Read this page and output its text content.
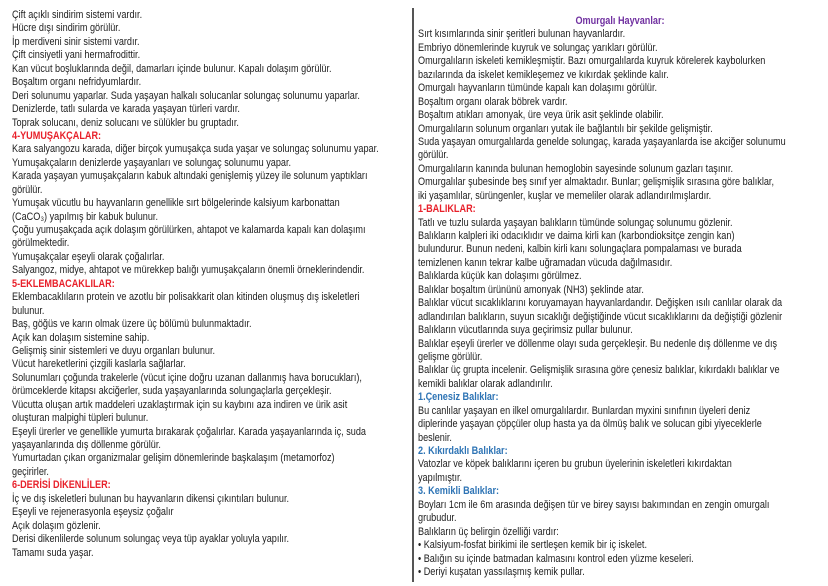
Çift açıklı sindirim sistemi vardır.
Hücre dışı sindirim görülür.
İp merdiveni sinir sistemi vardır.
Çift cinsiyetli yani hermafrodittir.
Kan vücut boşluklarında değil, damarları içinde bulunur. Kapalı dolaşım görülür.
Boşaltım organı nefridyumlardır.
Deri solunumu yaparlar. Suda yaşayan halkalı solucanlar solungaç solunumu yaparlar.
Denizlerde, tatlı sularda ve karada yaşayan türleri vardır.
Toprak solucanı, deniz solucanı ve sülükler bu gruptadır.
4-YUMUŞAKÇALAR:
Kara salyangozu karada, diğer birçok yumuşakça suda yaşar ve solungaç solunumu yapar.
Yumuşakçaların denizlerde yaşayanları ve solungaç solunumu yapar.
Karada yaşayan yumuşakçaların kabuk altındaki genişlemiş yüzey ile solunum yaptıkları
görülür.
Yumuşak vücutlu bu hayvanların genellikle sırt bölgelerinde kalsiyum karbonattan
(CaCO₃) yapılmış bir kabuk bulunur.
Çoğu yumuşakçada açık dolaşım görülürken, ahtapot ve kalamarda kapalı kan dolaşımı
görülmektedir.
Yumuşakçalar eşeyli olarak çoğalırlar.
Salyangoz, midye, ahtapot ve mürekkep balığı yumuşakçaların önemli örneklerindendir.
5-EKLEMBACAKLILAR:
Eklembacaklıların protein ve azotlu bir polisakkarit olan kitinden oluşmuş dış iskeletleri
bulunur.
Baş, göğüs ve karın olmak üzere üç bölümü bulunmaktadır.
Açık kan dolaşım sistemine sahip.
Gelişmiş sinir sistemleri ve duyu organları bulunur.
Vücut hareketlerini çizgili kaslarla sağlarlar.
Solunumları çoğunda trakelerle (vücut içine doğru uzanan dallanmış hava borucukları),
örümceklerde kitapsı akciğerler, suda yaşayanlarında solungaçlarla gerçekleşir.
Vücutta oluşan artık maddeleri uzaklaştırmak için su kaybını aza indiren ve ürik asit
oluşturan malpighi tüpleri bulunur.
Eşeyli ürerler ve genellikle yumurta bırakarak çoğalırlar. Karada yaşayanlarında iç, suda
yaşayanlarında dış döllenme görülür.
Yumurtadan çıkan organizmalar gelişim dönemlerinde başkalaşım (metamorfoz)
geçirirler.
6-DERİSİ DİKENLİLER:
İç ve dış iskeletleri bulunan bu hayvanların dikensi çıkıntıları bulunur.
Eşeyli ve rejenerasyonla eşeysiz çoğalır
Açık dolaşım gözlenir.
Derisi dikenlilerde solunum solungaç veya tüp ayaklar yoluyla yapılır.
Tamamı suda yaşar.
Omurgalı Hayvanlar:
Sırt kısımlarında sinir şeritleri bulunan hayvanlardır.
Embriyo dönemlerinde kuyruk ve solungaç yarıkları görülür.
Omurgalıların iskeleti kemikleşmiştir. Bazı omurgalılarda kuyruk körelerek kaybolurken
bazılarında da iskelet kemikleşemez ve kıkırdak şeklinde kalır.
Omurgalı hayvanların tümünde kapalı kan dolaşımı görülür.
Boşaltım organı olarak böbrek vardır.
Boşaltım atıkları amonyak, üre veya ürik asit şeklinde olabilir.
Omurgalıların solunum organları yutak ile bağlantılı bir şekilde gelişmiştir.
Suda yaşayan omurgalılarda genelde solungaç, karada yaşayanlarda ise akciğer solunumu
görülür.
Omurgalıların kanında bulunan hemoglobin sayesinde solunum gazları taşınır.
Omurgalılar şubesinde beş sınıf yer almaktadır. Bunlar; gelişmişlik sırasına göre balıklar,
iki yaşamlılar, sürüngenler, kuşlar ve memeliler olarak adlandırılmışlardır.
1-BALIKLAR:
Tatlı ve tuzlu sularda yaşayan balıkların tümünde solungaç solunumu gözlenir.
Balıkların kalpleri iki odacıklıdır ve daima kirli kan (karbondioksitçe zengin kan)
bulundurur. Bunun nedeni, kalbin kirli kanı solungaçlara pompalaması ve burada
temizlenen kanın tekrar kalbe uğramadan vücuda dağılmasıdır.
Balıklarda küçük kan dolaşımı görülmez.
Balıklar boşaltım ürününü amonyak (NH3) şeklinde atar.
Balıklar vücut sıcaklıklarını koruyamayan hayvanlardandır. Değişken ısılı canlılar olarak da
adlandırılan balıkların, suyun sıcaklığı değiştiğinde vücut sıcaklıklarını da değiştiği gözlenir
Balıkların vücutlarında suya geçirimsiz pullar bulunur.
Balıklar eşeyli ürerler ve döllenme olayı suda gerçekleşir. Bu nedenle dış döllenme ve dış
gelişme görülür.
Balıklar üç grupta incelenir. Gelişmişlik sırasına göre çenesiz balıklar, kıkırdaklı balıklar ve
kemikli balıklar olarak adlandırılır.
1.Çenesiz Balıklar:
Bu canlılar yaşayan en ilkel omurgalılardır. Bunlardan myxini sınıfının üyeleri deniz
diplerinde yaşayan çöpçüler olup hasta ya da ölmüş balık ve solucan gibi yiyeceklerle
beslenir.
2. Kıkırdaklı Balıklar:
Vatozlar ve köpek balıklarını içeren bu grubun üyelerinin iskeletleri kıkırdaktan
yapılmıştır.
3. Kemikli Balıklar:
Boyları 1cm ile 6m arasında değişen tür ve birey sayısı bakımından en zengin omurgalı
grubudur.
Balıkların üç belirgin özelliği vardır:
• Kalsiyum-fosfat birikimi ile sertleşen kemik bir iç iskelet.
• Balığın su içinde batmadan kalmasını kontrol eden yüzme keseleri.
• Deriyi kuşatan yassılaşmış kemik pullar.
